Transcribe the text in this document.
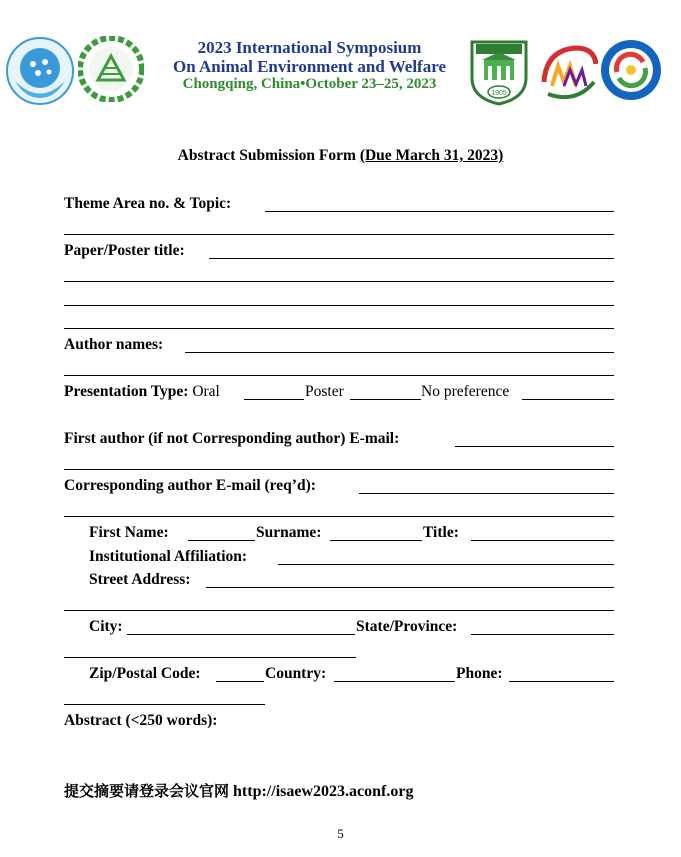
1905
2023 International Symposium
On Animal Environment and Welfare
Chongqing, China•October 23–25, 2023
Abstract Submission Form (Due March 31, 2023)
Theme Area no. & Topic:
Paper/Poster title:
Author names:
Presentation Type: Oral	Poster	No preference
First author (if not Corresponding author) E-mail:
Corresponding author E-mail (req’d):
First Name:	Surname:	Title:
Institutional Affiliation:
Street Address:
City:	State/Province:
Zip/Postal Code:	Country:	Phone:
Abstract (<250 words):
提交摘要请登录会议官网 http://isaew2023.aconf.org
5
